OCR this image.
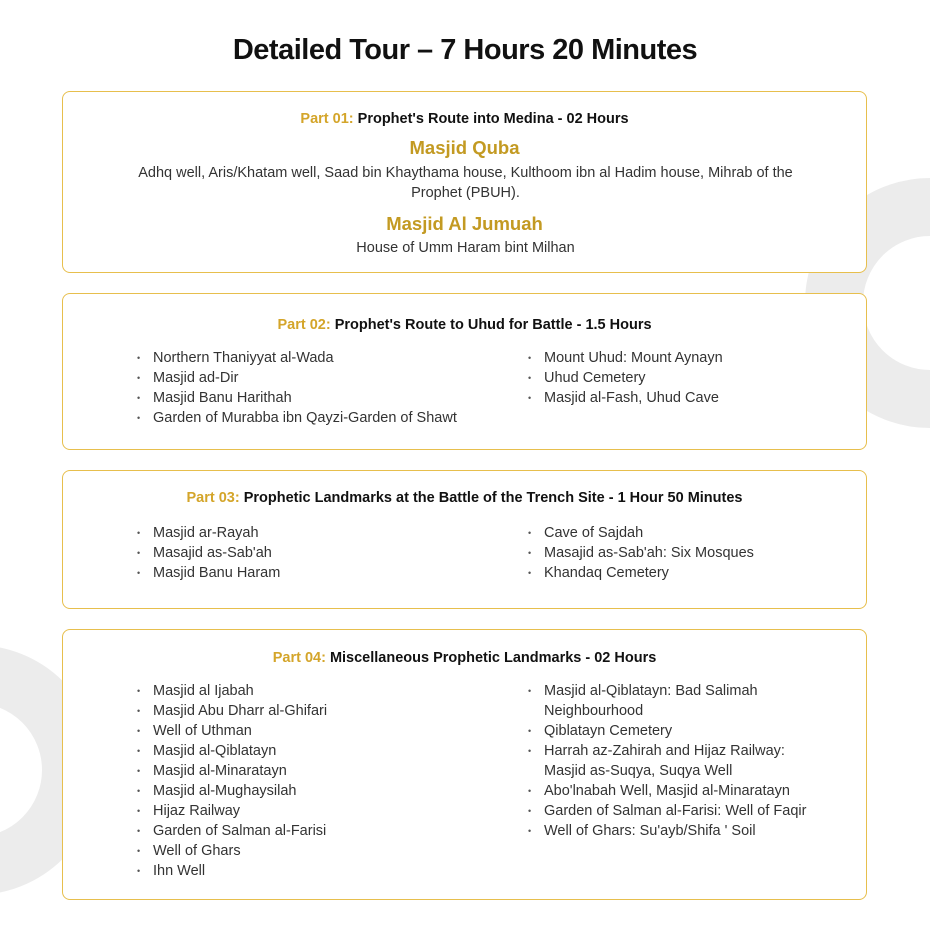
Detailed Tour – 7 Hours 20 Minutes
Part 01: Prophet's Route into Medina - 02 Hours
Masjid Quba
Adhq well, Aris/Khatam well, Saad bin Khaythama house, Kulthoom ibn al Hadim house, Mihrab of the Prophet (PBUH).
Masjid Al Jumuah
House of Umm Haram bint Milhan
Part 02: Prophet's Route to Uhud for Battle - 1.5 Hours
• Northern Thaniyyat al-Wada
• Masjid ad-Dir
• Masjid Banu Harithah
• Garden of Murabba ibn Qayzi-Garden of Shawt
• Mount Uhud: Mount Aynayn
• Uhud Cemetery
• Masjid al-Fash, Uhud Cave
Part 03: Prophetic Landmarks at the Battle of the Trench Site - 1 Hour 50 Minutes
• Masjid ar-Rayah
• Masajid as-Sab'ah
• Masjid Banu Haram
• Cave of Sajdah
• Masajid as-Sab'ah: Six Mosques
• Khandaq Cemetery
Part 04: Miscellaneous Prophetic Landmarks - 02 Hours
• Masjid al Ijabah
• Masjid Abu Dharr al-Ghifari
• Well of Uthman
• Masjid al-Qiblatayn
• Masjid al-Minaratayn
• Masjid al-Mughaysilah
• Hijaz Railway
• Garden of Salman al-Farisi
• Well of Ghars
• Ihn Well
• Masjid al-Qiblatayn: Bad Salimah Neighbourhood
• Qiblatayn Cemetery
• Harrah az-Zahirah and Hijaz Railway: Masjid as-Suqya, Suqya Well
• Abo'lnabah Well, Masjid al-Minaratayn
• Garden of Salman al-Farisi: Well of Faqir
• Well of Ghars: Su'ayb/Shifa ' Soil
